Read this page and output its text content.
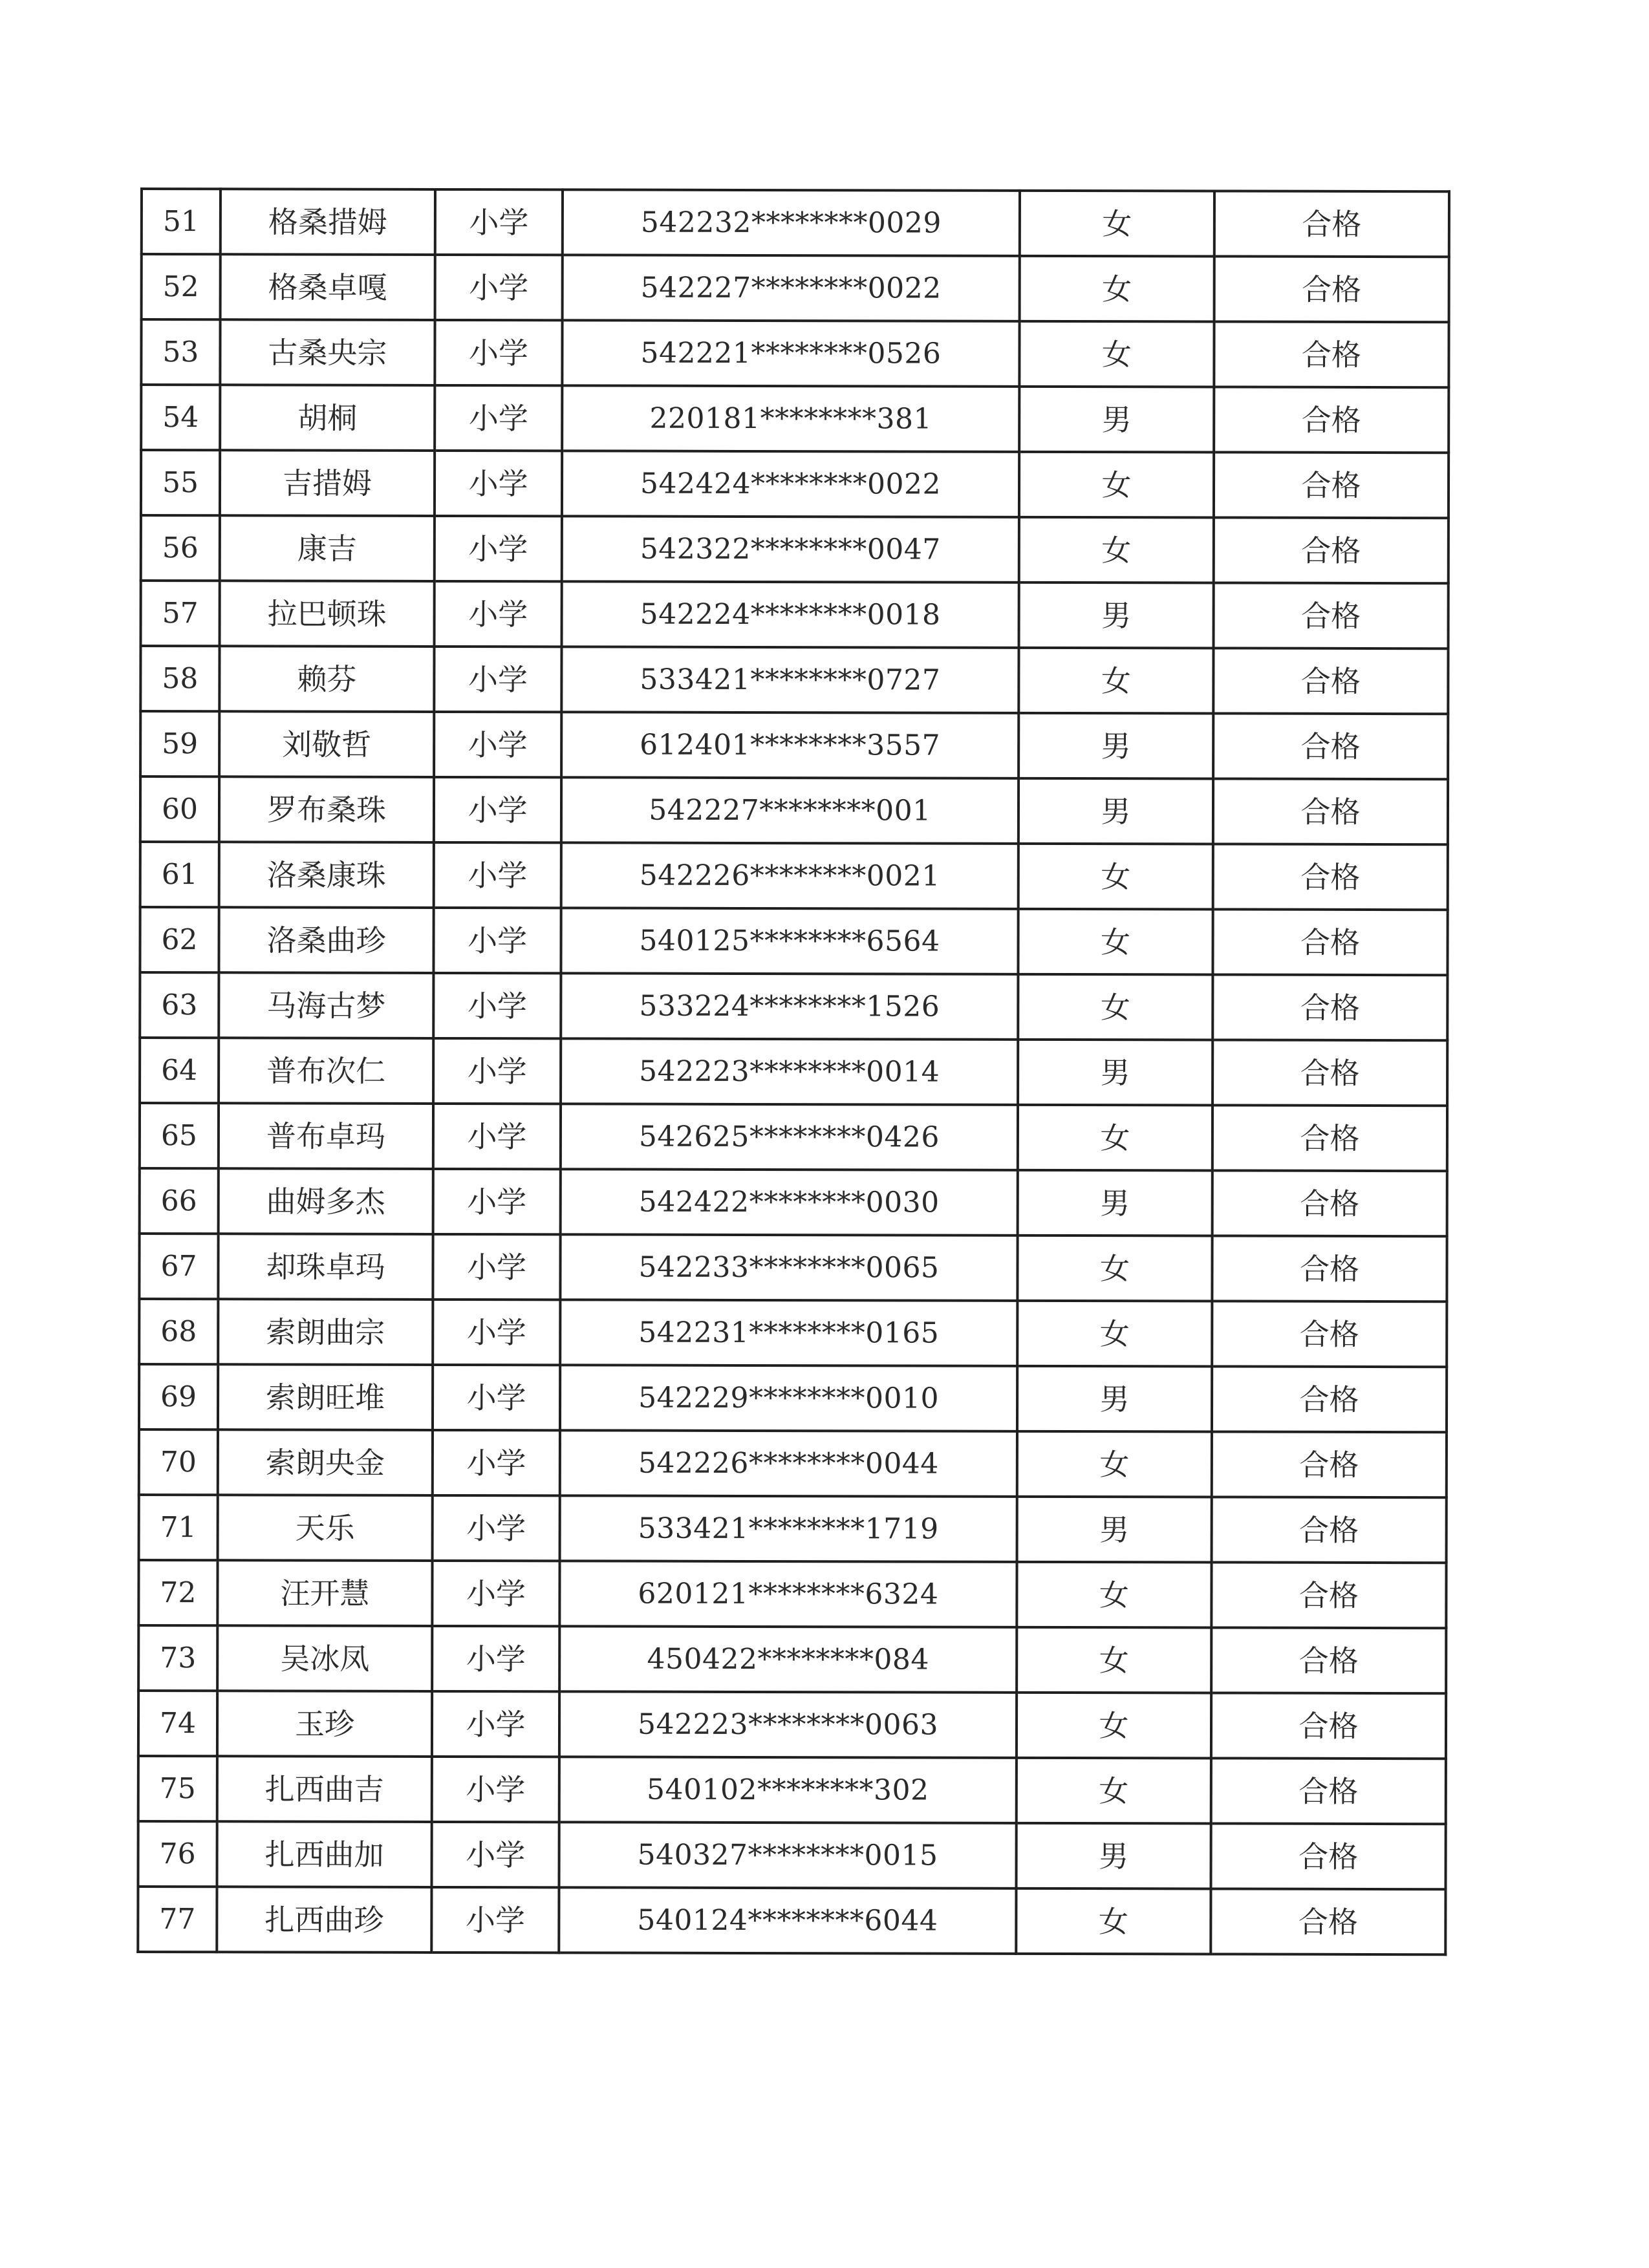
51	格桑措姆	小学	542232********0029	女	合格
52	格桑卓嘎	小学	542227********0022	女	合格
53	古桑央宗	小学	542221********0526	女	合格
54	胡桐	小学	220181********381	男	合格
55	吉措姆	小学	542424********0022	女	合格
56	康吉	小学	542322********0047	女	合格
57	拉巴顿珠	小学	542224********0018	男	合格
58	赖芬	小学	533421********0727	女	合格
59	刘敬哲	小学	612401********3557	男	合格
60	罗布桑珠	小学	542227********001	男	合格
61	洛桑康珠	小学	542226********0021	女	合格
62	洛桑曲珍	小学	540125********6564	女	合格
63	马海古梦	小学	533224********1526	女	合格
64	普布次仁	小学	542223********0014	男	合格
65	普布卓玛	小学	542625********0426	女	合格
66	曲姆多杰	小学	542422********0030	男	合格
67	却珠卓玛	小学	542233********0065	女	合格
68	索朗曲宗	小学	542231********0165	女	合格
69	索朗旺堆	小学	542229********0010	男	合格
70	索朗央金	小学	542226********0044	女	合格
71	天乐	小学	533421********1719	男	合格
72	汪开慧	小学	620121********6324	女	合格
73	吴冰凤	小学	450422********084	女	合格
74	玉珍	小学	542223********0063	女	合格
75	扎西曲吉	小学	540102********302	女	合格
76	扎西曲加	小学	540327********0015	男	合格
77	扎西曲珍	小学	540124********6044	女	合格
